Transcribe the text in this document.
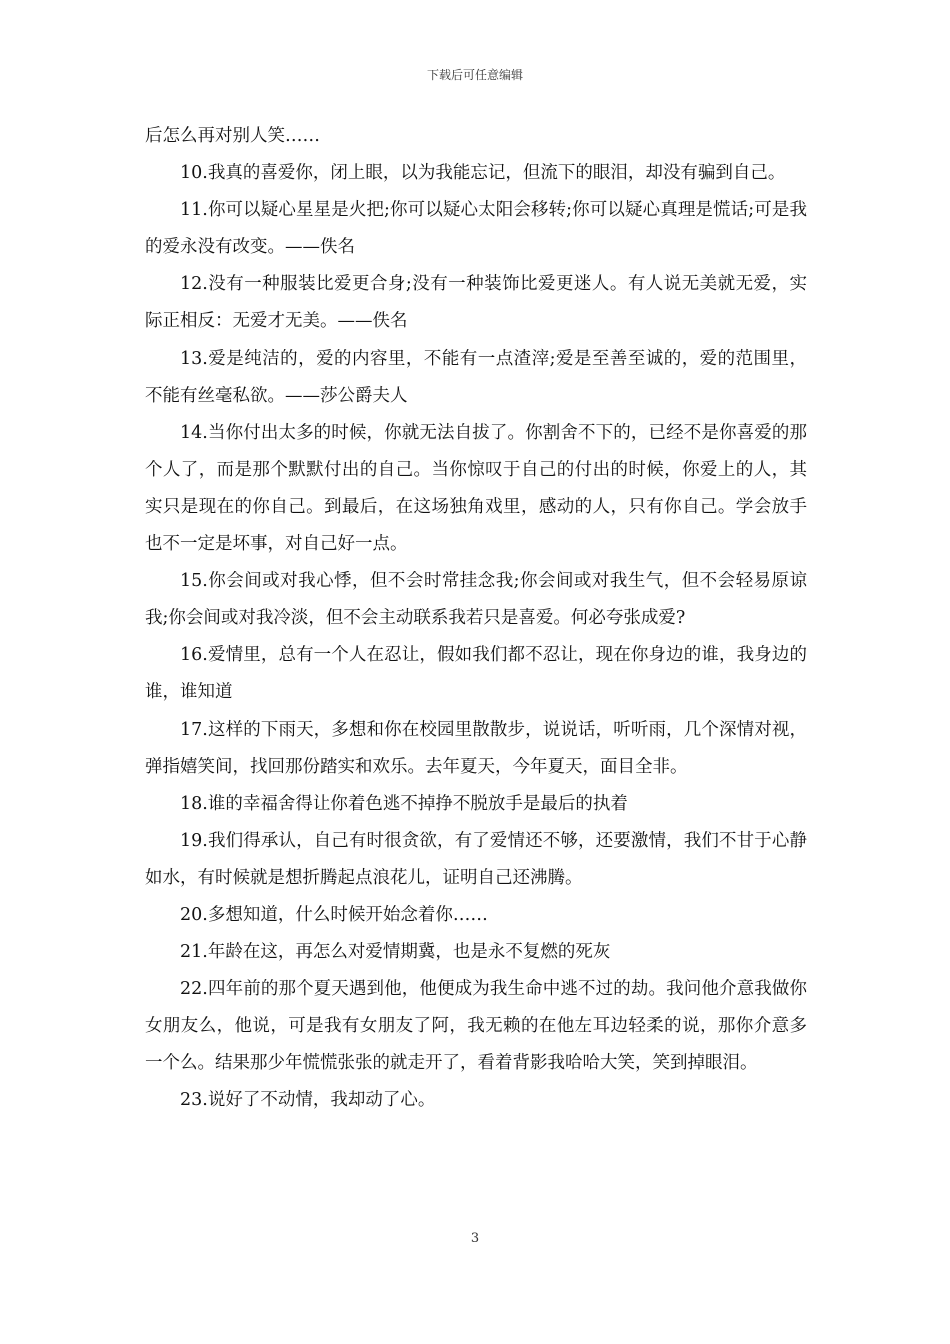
下载后可任意编辑

后怎么再对别人笑……

10.我真的喜爱你，闭上眼，以为我能忘记，但流下的眼泪，却没有骗到自己。

11.你可以疑心星星是火把;你可以疑心太阳会移转;你可以疑心真理是慌话;可是我的爱永没有改变。——佚名

12.没有一种服装比爱更合身;没有一种装饰比爱更迷人。有人说无美就无爱，实际正相反：无爱才无美。——佚名

13.爱是纯洁的，爱的内容里，不能有一点渣滓;爱是至善至诚的，爱的范围里，不能有丝毫私欲。——莎公爵夫人

14.当你付出太多的时候，你就无法自拔了。你割舍不下的，已经不是你喜爱的那个人了，而是那个默默付出的自己。当你惊叹于自己的付出的时候，你爱上的人，其实只是现在的你自己。到最后，在这场独角戏里，感动的人，只有你自己。学会放手也不一定是坏事，对自己好一点。

15.你会间或对我心悸，但不会时常挂念我;你会间或对我生气，但不会轻易原谅我;你会间或对我冷淡，但不会主动联系我若只是喜爱。何必夸张成爱?

16.爱情里，总有一个人在忍让，假如我们都不忍让，现在你身边的谁，我身边的谁，谁知道

17.这样的下雨天，多想和你在校园里散散步，说说话，听听雨，几个深情对视，弹指嬉笑间，找回那份踏实和欢乐。去年夏天，今年夏天，面目全非。

18.谁的幸福舍得让你着色逃不掉挣不脱放手是最后的执着

19.我们得承认，自己有时很贪欲，有了爱情还不够，还要激情，我们不甘于心静如水，有时候就是想折腾起点浪花儿，证明自己还沸腾。

20.多想知道，什么时候开始念着你……

21.年龄在这，再怎么对爱情期冀，也是永不复燃的死灰

22.四年前的那个夏天遇到他，他便成为我生命中逃不过的劫。我问他介意我做你女朋友么，他说，可是我有女朋友了阿，我无赖的在他左耳边轻柔的说，那你介意多一个么。结果那少年慌慌张张的就走开了，看着背影我哈哈大笑，笑到掉眼泪。

23.说好了不动情，我却动了心。

3
